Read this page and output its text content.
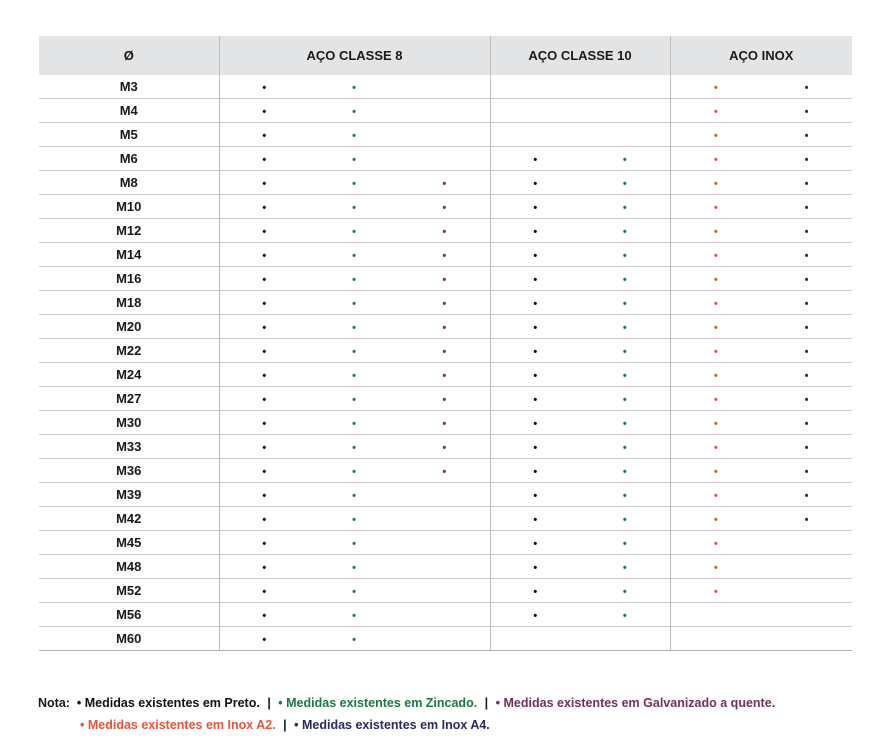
Ø	AÇO CLASSE 8			AÇO CLASSE 10		AÇO INOX	
M3	•	•				•	•
M4	•	•				•	•
M5	•	•				•	•
M6	•	•		•	•	•	•
M8	•	•	•	•	•	•	•
M10	•	•	•	•	•	•	•
M12	•	•	•	•	•	•	•
M14	•	•	•	•	•	•	•
M16	•	•	•	•	•	•	•
M18	•	•	•	•	•	•	•
M20	•	•	•	•	•	•	•
M22	•	•	•	•	•	•	•
M24	•	•	•	•	•	•	•
M27	•	•	•	•	•	•	•
M30	•	•	•	•	•	•	•
M33	•	•	•	•	•	•	•
M36	•	•	•	•	•	•	•
M39	•	•		•	•	•	•
M42	•	•		•	•	•	•
M45	•	•		•	•	•	
M48	•	•		•	•	•	
M52	•	•		•	•	•	
M56	•	•		•	•		
M60	•	•					
Nota: • Medidas existentes em Preto. | • Medidas existentes em Zincado. | • Medidas existentes em Galvanizado a quente.
• Medidas existentes em Inox A2. | • Medidas existentes em Inox A4.
